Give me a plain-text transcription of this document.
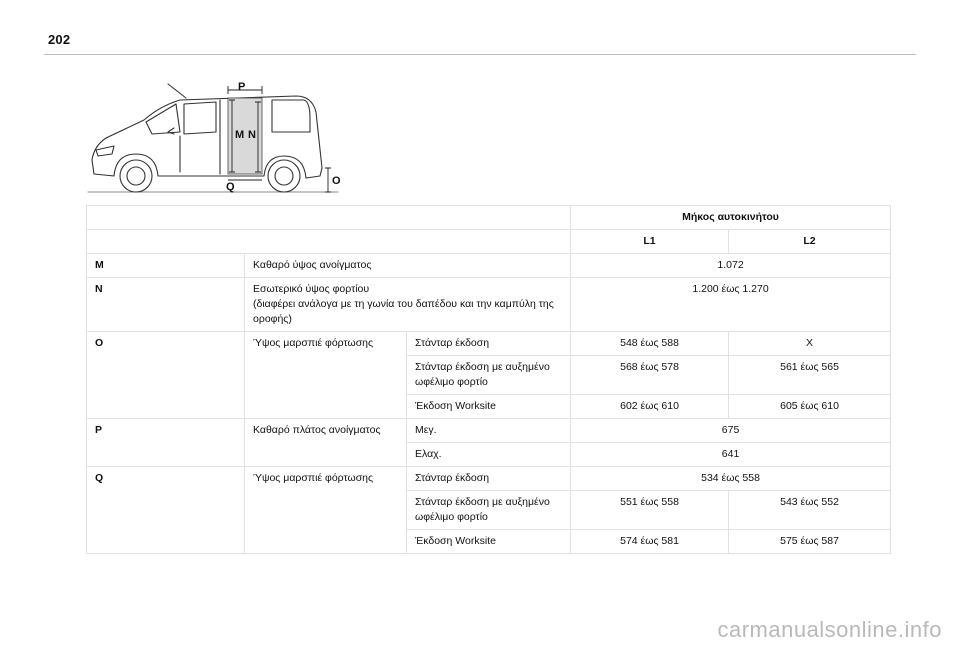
202
P
M N
Q	O
			Μήκος αυτοκινήτου	
			L1	L2
M	Καθαρό ύψος ανοίγματος		1.072	
N	Εσωτερικό ύψος φορτίου
(διαφέρει ανάλογα με τη γωνία του δαπέδου και την καμπύλη της
οροφής)		1.200 έως 1.270	
O	Ύψος μαρσπιέ φόρτωσης	Στάνταρ έκδοση	548 έως 588	X

		Στάνταρ έκδοση με αυξημένο
ωφέλιμο φορτίο	568 έως 578	561 έως 565
		Έκδοση Worksite	602 έως 610	605 έως 610
P	Καθαρό πλάτος ανοίγματος	Μεγ.	675	
		Ελαχ.	641	
Q	Ύψος μαρσπιέ φόρτωσης	Στάνταρ έκδοση	534 έως 558	

		Στάνταρ έκδοση με αυξημένο
ωφέλιμο φορτίο	551 έως 558	543 έως 552
		Έκδοση Worksite	574 έως 581	575 έως 587
carmanualsonline.info
